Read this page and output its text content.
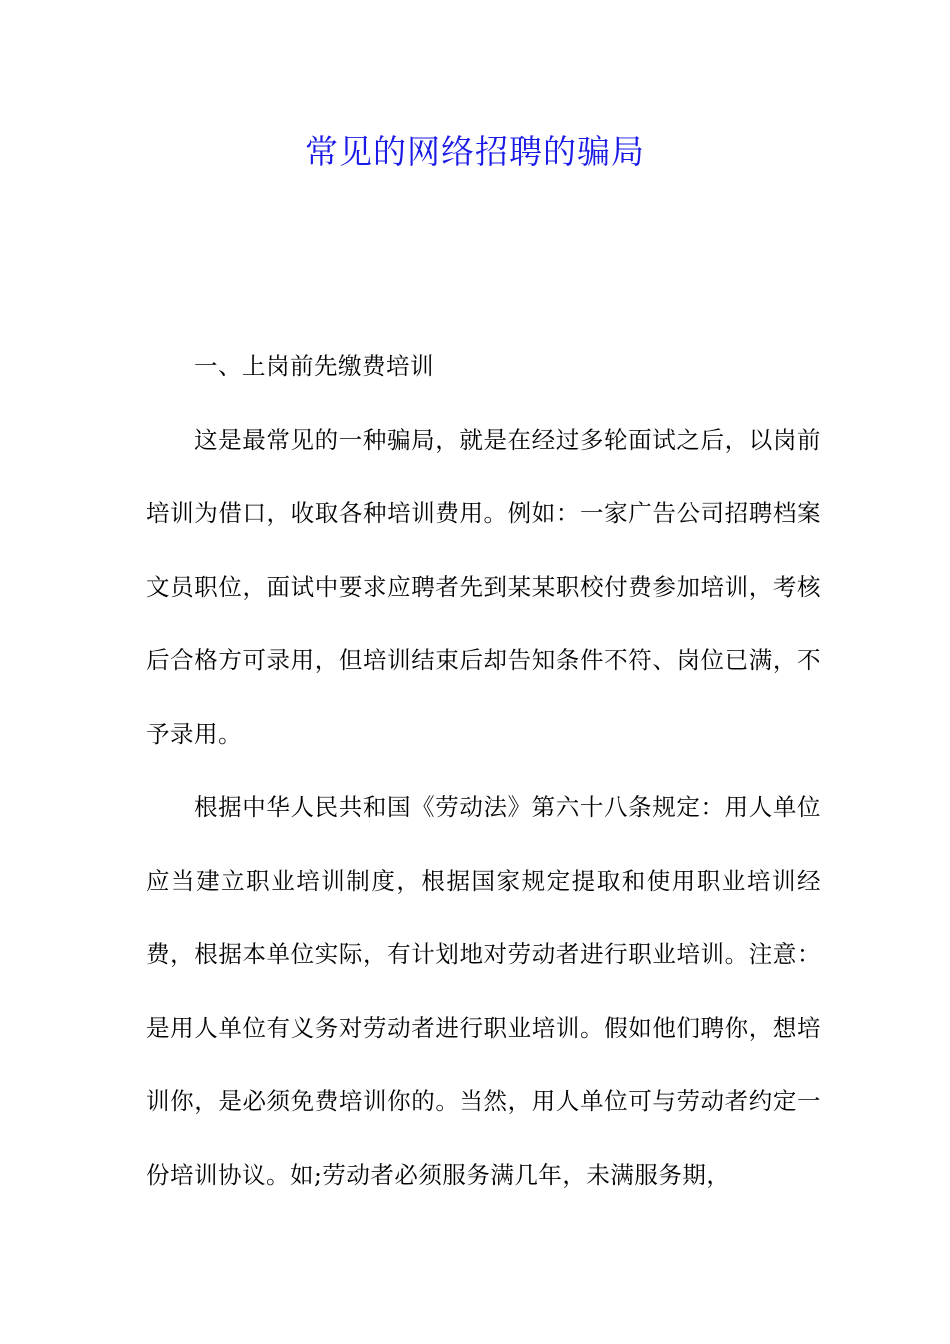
常见的网络招聘的骗局

一、上岗前先缴费培训

这是最常见的一种骗局，就是在经过多轮面试之后，以岗前培训为借口，收取各种培训费用。例如：一家广告公司招聘档案文员职位，面试中要求应聘者先到某某职校付费参加培训，考核后合格方可录用，但培训结束后却告知条件不符、岗位已满，不予录用。

根据中华人民共和国《劳动法》第六十八条规定：用人单位应当建立职业培训制度，根据国家规定提取和使用职业培训经费，根据本单位实际，有计划地对劳动者进行职业培训。注意：是用人单位有义务对劳动者进行职业培训。假如他们聘你，想培训你，是必须免费培训你的。当然，用人单位可与劳动者约定一份培训协议。如;劳动者必须服务满几年，未满服务期，
